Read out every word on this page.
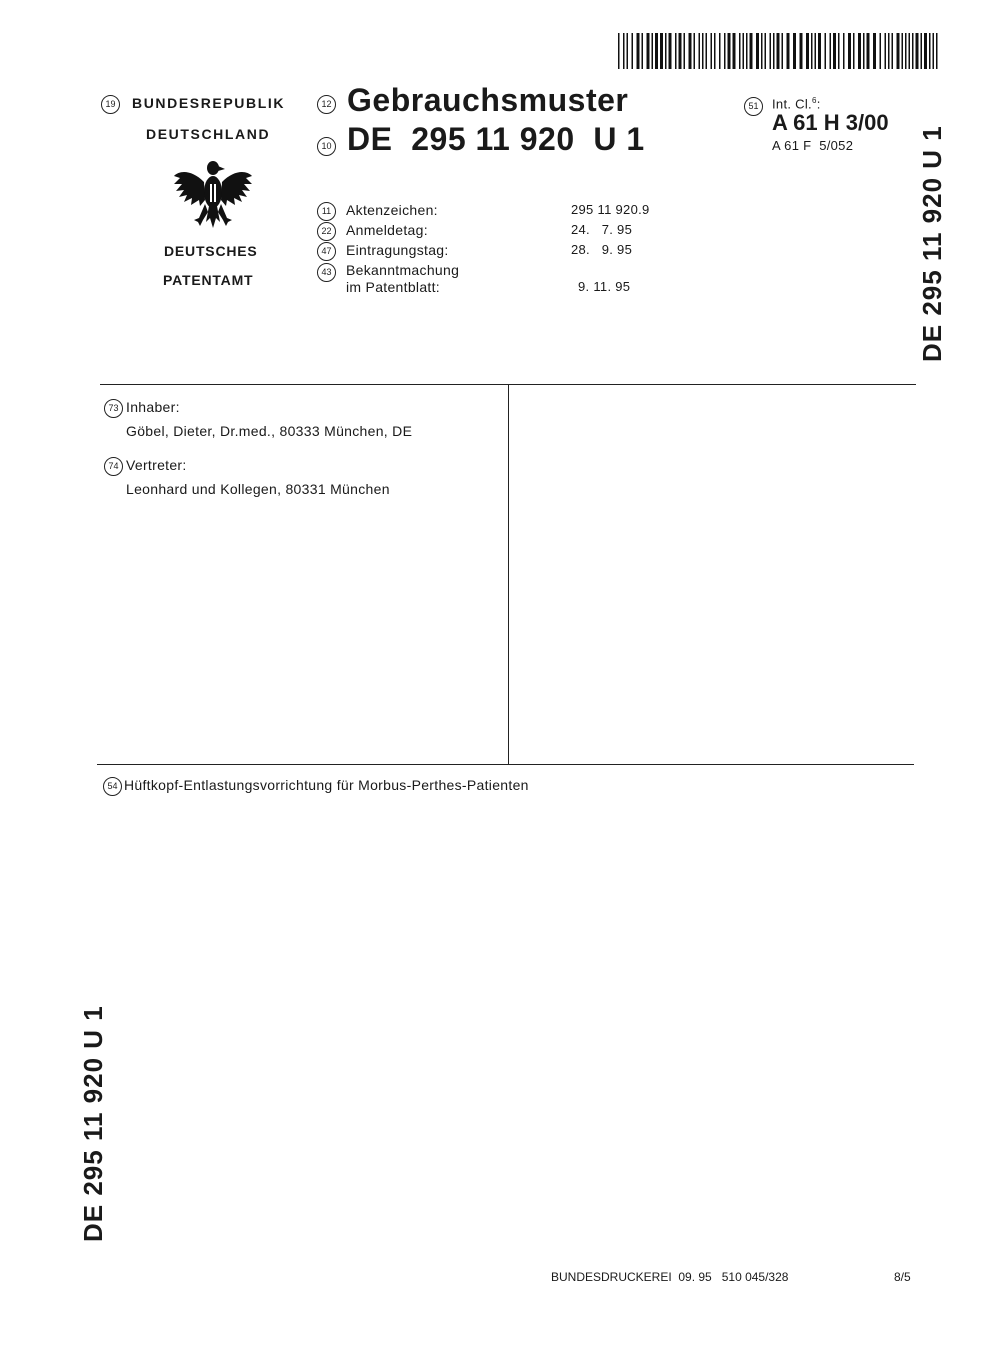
19	BUNDESREPUBLIK
DEUTSCHLAND
DEUTSCHES
PATENTAMT
12 Gebrauchsmuster
10 DE  295 11 920  U 1
51	Int. Cl.$^6$:
A 61 H 3/00
A 61 F  5/052
11	Aktenzeichen:	295 11 920.9
22	Anmeldetag:	24.   7. 95
47	Eintragungstag:	28.   9. 95
43	Bekanntmachung
im Patentblatt:	9. 11. 95	DE 295 11 920 U 1
73 Inhaber:
Göbel, Dieter, Dr.med., 80333 München, DE
74 Vertreter:
Leonhard und Kollegen, 80331 München
54 Hüftkopf-Entlastungsvorrichtung für Morbus-Perthes-Patienten
DE 295 11 920 U 1
BUNDESDRUCKEREI  09. 95   510 045/328	8/5
